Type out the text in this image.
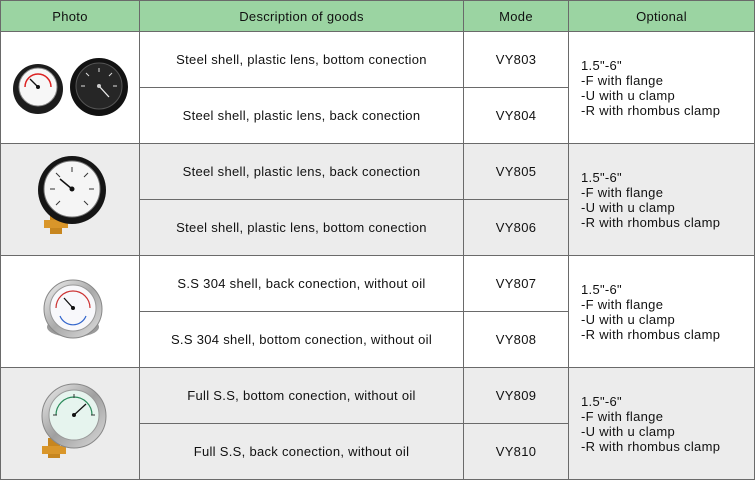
Photo	Description of goods	Mode	Optional

	Steel shell, plastic lens, bottom conection	VY803	1.5"-6"
-F with flange
-U with u clamp
-R with rhombus clamp

	Steel shell, plastic lens, back conection	VY804	

	Steel shell, plastic lens, back conection	VY805	1.5"-6"
-F with flange
-U with u clamp
-R with rhombus clamp

	Steel shell, plastic lens, bottom conection	VY806	

	S.S 304 shell, back conection, without oil	VY807	1.5"-6"
-F with flange
-U with u clamp
-R with rhombus clamp

	S.S 304 shell, bottom conection, without oil	VY808	

	Full S.S, bottom conection, without oil	VY809	1.5"-6"
-F with flange
-U with u clamp
-R with rhombus clamp

	Full S.S, back conection, without oil	VY810	
